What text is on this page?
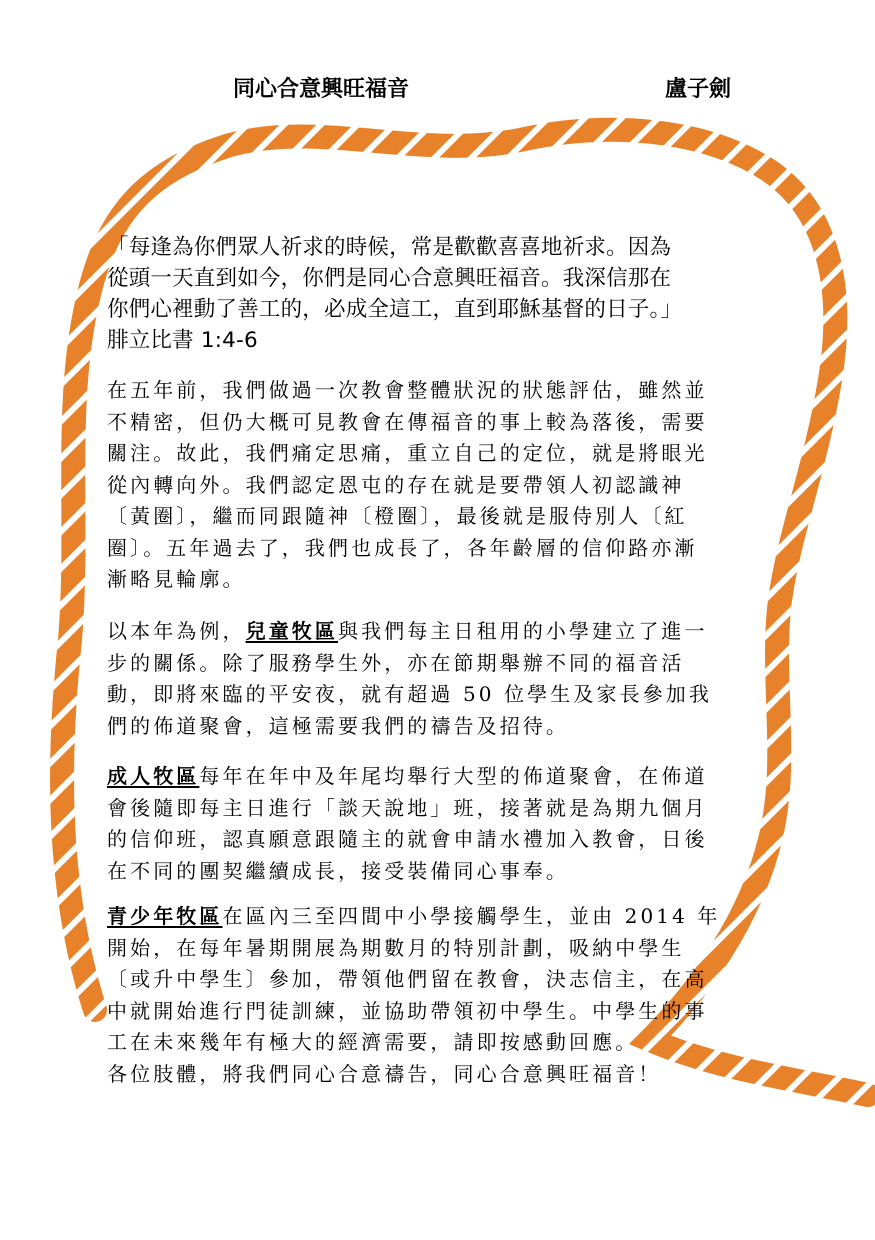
同心合意興旺福音	盧子劍

「每逢為你們眾人祈求的時候，常是歡歡喜喜地祈求。因為

從頭一天直到如今，你們是同心合意興旺福音。我深信那在

你們心裡動了善工的，必成全這工，直到耶穌基督的日子。」

腓立比書 1:4-6

在五年前，我們做過一次教會整體狀況的狀態評估，雖然並
不精密，但仍大概可見教會在傳福音的事上較為落後，需要
關注。故此，我們痛定思痛，重立自己的定位，就是將眼光
從內轉向外。我們認定恩屯的存在就是要帶領人初認識神
〔黃圈〕，繼而同跟隨神〔橙圈〕，最後就是服侍別人〔紅
圈〕。五年過去了，我們也成長了，各年齡層的信仰路亦漸
漸略見輪廓。
以本年為例，兒童牧區與我們每主日租用的小學建立了進一
步的關係。除了服務學生外，亦在節期舉辦不同的福音活
動，即將來臨的平安夜，就有超過 50 位學生及家長參加我
們的佈道聚會，這極需要我們的禱告及招待。
成人牧區每年在年中及年尾均舉行大型的佈道聚會，在佈道
會後隨即每主日進行「談天說地」班，接著就是為期九個月
的信仰班，認真願意跟隨主的就會申請水禮加入教會，日後
在不同的團契繼續成長，接受裝備同心事奉。
青少年牧區在區內三至四間中小學接觸學生，並由 2014 年
開始，在每年暑期開展為期數月的特別計劃，吸納中學生
〔或升中學生〕參加，帶領他們留在教會，決志信主，在高
中就開始進行門徒訓練，並協助帶領初中學生。中學生的事
工在未來幾年有極大的經濟需要，請即按感動回應。
各位肢體，將我們同心合意禱告，同心合意興旺福音！
